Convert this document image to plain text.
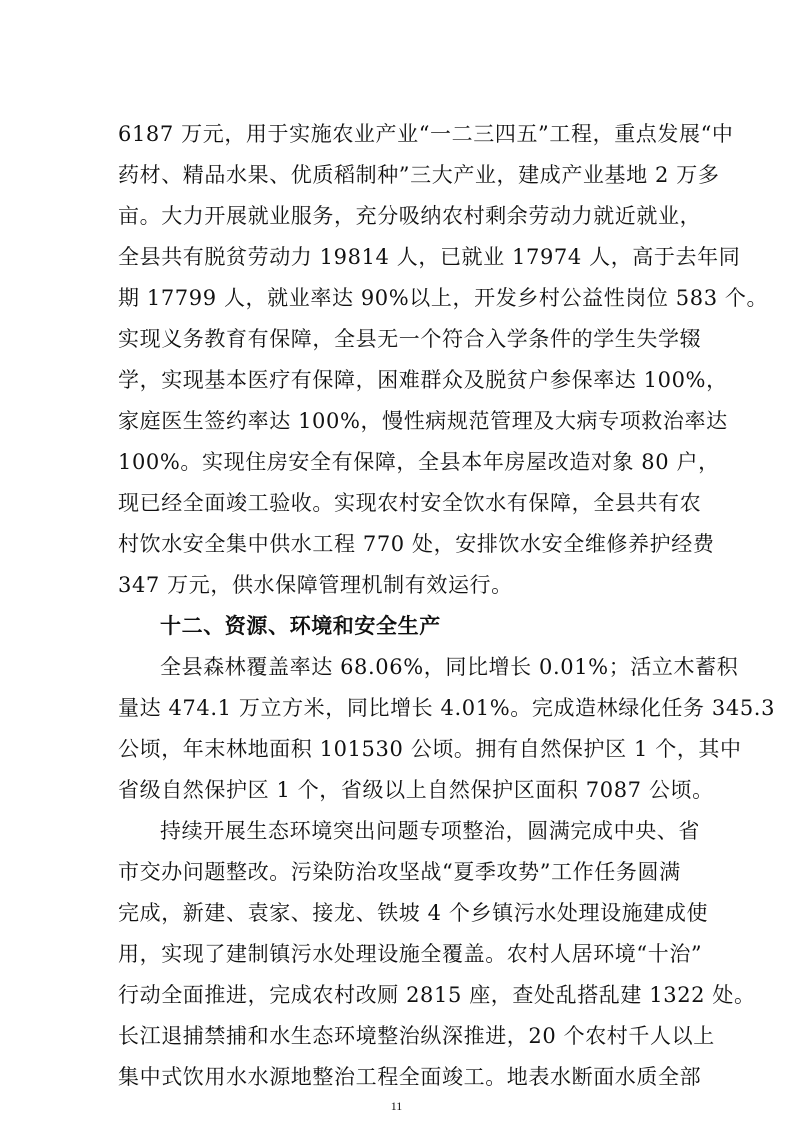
6187 万元，用于实施农业产业“一二三四五”工程，重点发展“中
药材、精品水果、优质稻制种”三大产业，建成产业基地 2 万多
亩。大力开展就业服务，充分吸纳农村剩余劳动力就近就业，
全县共有脱贫劳动力 19814 人，已就业 17974 人，高于去年同
期 17799 人，就业率达 90%以上，开发乡村公益性岗位 583 个。
实现义务教育有保障，全县无一个符合入学条件的学生失学辍
学，实现基本医疗有保障，困难群众及脱贫户参保率达 100%，
家庭医生签约率达 100%，慢性病规范管理及大病专项救治率达
100%。实现住房安全有保障，全县本年房屋改造对象 80 户，
现已经全面竣工验收。实现农村安全饮水有保障，全县共有农
村饮水安全集中供水工程 770 处，安排饮水安全维修养护经费
347 万元，供水保障管理机制有效运行。
十二、资源、环境和安全生产
全县森林覆盖率达 68.06%，同比增长 0.01%；活立木蓄积
量达 474.1 万立方米，同比增长 4.01%。完成造林绿化任务 345.3
公顷，年末林地面积 101530 公顷。拥有自然保护区 1 个，其中
省级自然保护区 1 个，省级以上自然保护区面积 7087 公顷。
持续开展生态环境突出问题专项整治，圆满完成中央、省
市交办问题整改。污染防治攻坚战“夏季攻势”工作任务圆满
完成，新建、袁家、接龙、铁坡 4 个乡镇污水处理设施建成使
用，实现了建制镇污水处理设施全覆盖。农村人居环境“十治”
行动全面推进，完成农村改厕 2815 座，查处乱搭乱建 1322 处。
长江退捕禁捕和水生态环境整治纵深推进，20 个农村千人以上
集中式饮用水水源地整治工程全面竣工。地表水断面水质全部
11
